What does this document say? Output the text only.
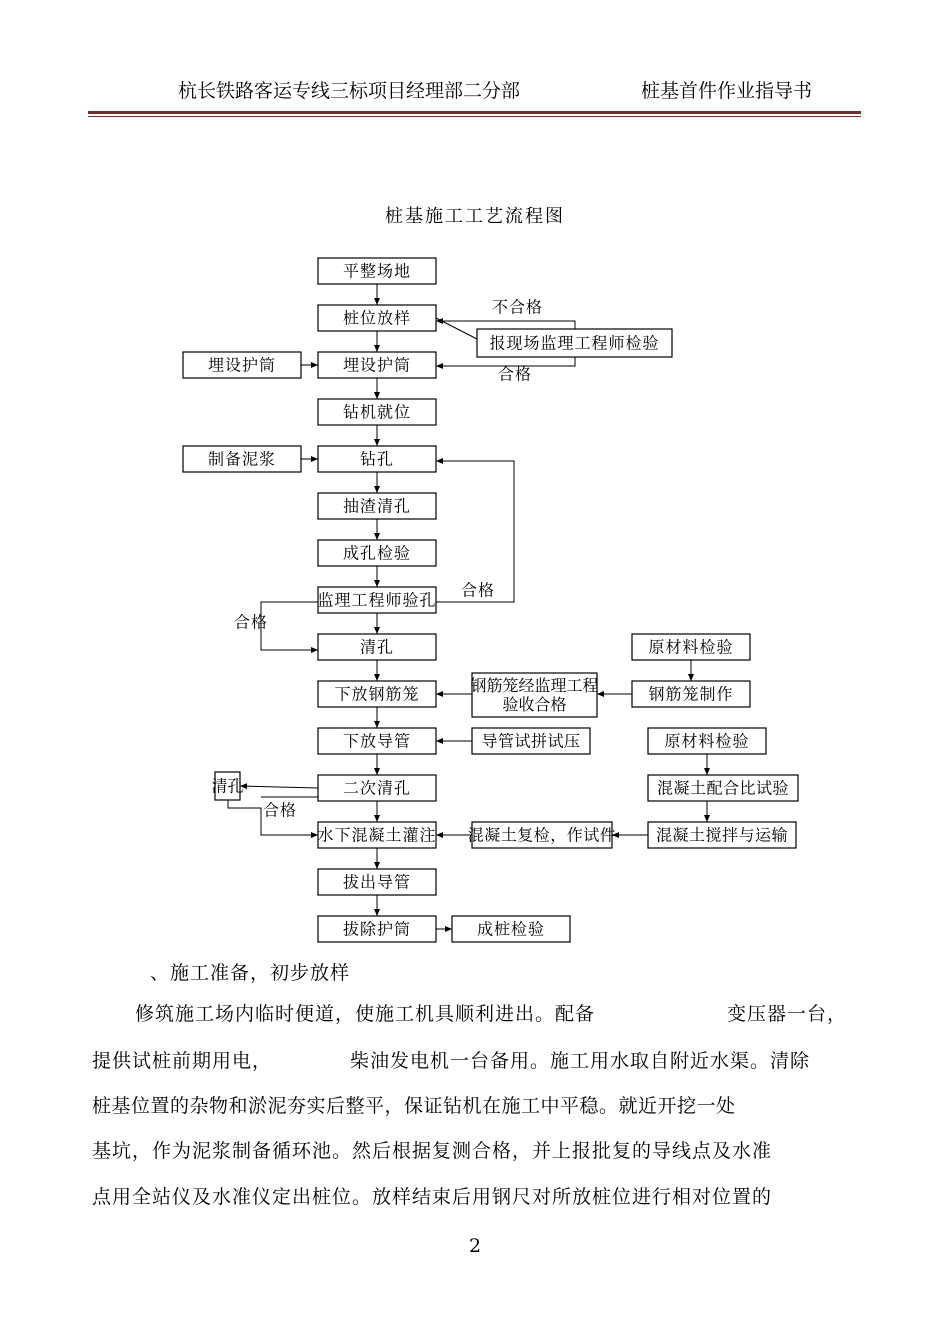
杭长铁路客运专线三标项目经理部二分部	桩基首件作业指导书
桩基施工工艺流程图
平整场地
桩位放样
埋设护筒
钻机就位
钻孔
抽渣清孔
成孔检验
监理工程师验孔
清孔
下放钢筋笼
下放导管
二次清孔
水下混凝土灌注
拔出导管
拔除护筒
埋设护筒
制备泥浆
清孔
报现场监理工程师检验
不合格
合格
合格
合格
钢筋笼经监理工程
验收合格
原材料检验
钢筋笼制作
导管试拼试压
合格
原材料检验
混凝土配合比试验
混凝土搅拌与运输
混凝土复检，作试件
成桩检验
、施工准备，初步放样
修筑施工场内临时便道，使施工机具顺利进出。配备	变压器一台，
提供试桩前期用电，	柴油发电机一台备用。施工用水取自附近水渠。清除
桩基位置的杂物和淤泥夯实后整平，保证钻机在施工中平稳。就近开挖一处
基坑，作为泥浆制备循环池。然后根据复测合格，并上报批复的导线点及水准
点用全站仪及水准仪定出桩位。放样结束后用钢尺对所放桩位进行相对位置的
2
